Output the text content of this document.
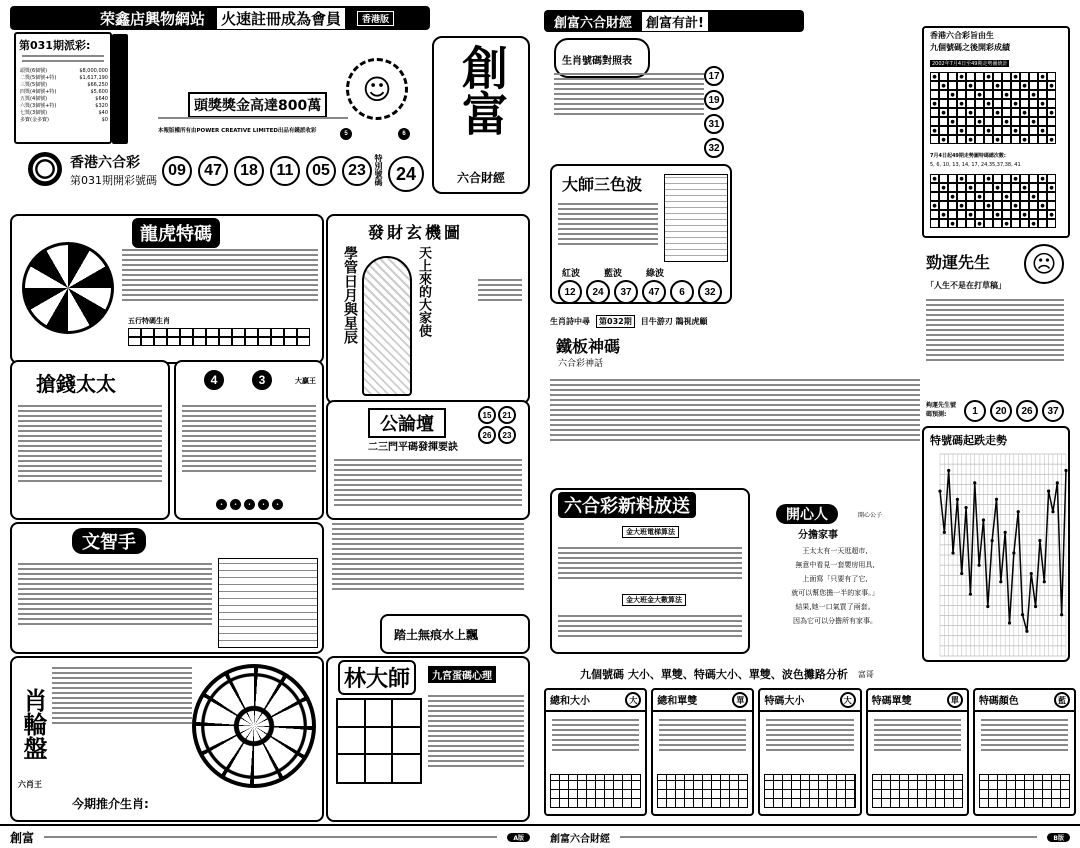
荣鑫店興物網站 火速註冊成為會員	香港版
第031期派彩:
頭獎(6個號)	$8,000,000
二獎(5個號+特)	$1,617,190
三獎(5個號)	$66,250
四獎(4個號+特)	$5,600
五獎(4個號)	$640
六獎(3個號+特)	$320
七獎(3個號)	$40
多寶(金多寶)	$0
頭獎獎金高達800萬
本報版權所有由POWER CREATIVE LIMITED出品有錢派收彩
☺
5	6 創富
六合財經
香港六合彩
第031期開彩號碼
09	47	18	11	05	23	特別號碼 24
龍虎特碼
五行特碼生肖
搶錢太太	4	3	大贏王
•	•	•	•	•
發財玄機圖
學管日月與星辰	天上來的大家使
公論壇	15	21
26	23
二三門平碼發揮要訣
文智手
踏土無痕水上飄
肖輪盤
六肖王
今期推介生肖:
林大師	九宮蛋碼心理
創富	A版
創富六合財經	創富有計!
生肖號碼對照表
17
19
31
32
大師三色波
紅波	藍波	綠波
12	24	37	47	6	32
生肖詩中尋	第032期	目牛游刃 鵲視虎顧
鐵板神碼
六合彩神話
六合彩新料放送
金大班電梯算法
金大班金大數算法
開心人	開心公子
分擔家事
王太太有一天逛超市,
無意中看見一套嬰房用具,
上面寫「只要有了它,
就可以幫您擔一半的家事。」
結果,她一口氣買了兩套。
因為它可以分擔所有家事。
香港六合彩旨由生
九個號碼之後開彩成績
2002年7月4日至49期走勢圖統計
●	●	●	●	●
●	●	●	●	●
●	●	●	●
●	●	●	●	●
●	●	●	●	●
●	●	●	●
●	●	●	●	●
●	●	●	●	●
7月4日起49期走勢圖特碼總次數:
5, 6, 10, 13, 14, 17, 24,35,37,38, 41
●	●	●	●	●
●	●	●	●	●
●	●	●	●
●	●	●	●	●
●	●	●	●	●
●	●	●	●
勁運先生	☹
「人生不是在打草稿」
夠運先生號碼預測:	1	20	26	37
特號碼起跌走勢
九個號碼 大小、單雙、特碼大小、單雙、波色攤路分析 富哥
總和大小	大	總和單雙	單	特碼大小	大	特碼單雙	單	特碼顏色	藍
創富六合財經	B版
